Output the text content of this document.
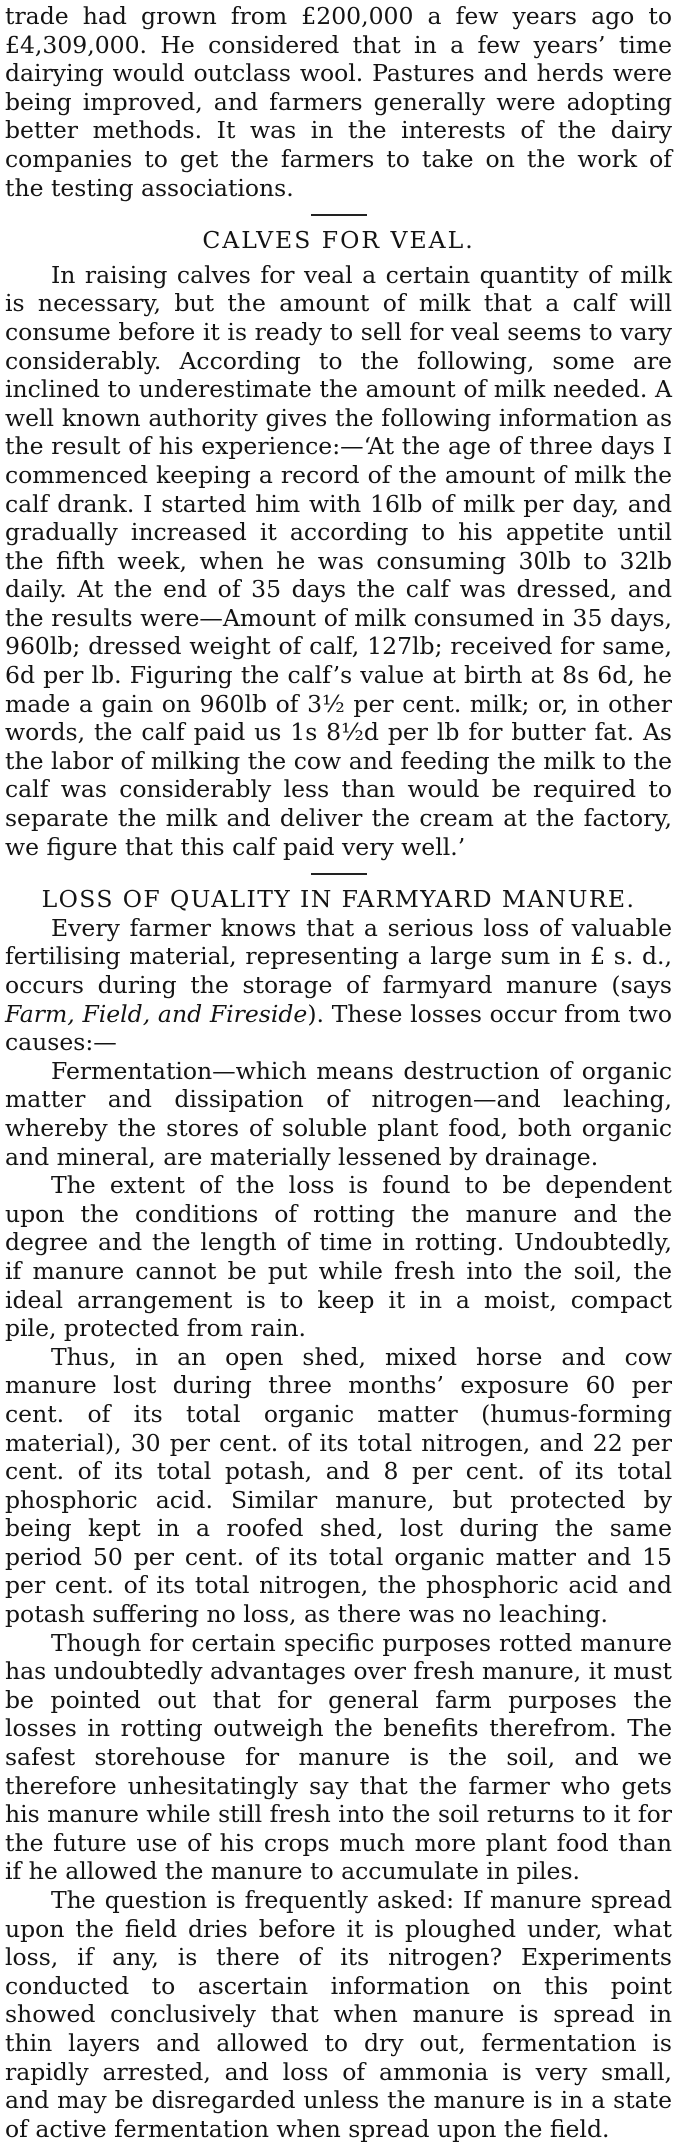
trade had grown from £200,000 a few years ago to £4,309,000. He considered that in a few years’ time dairying would outclass wool. Pastures and herds were being improved, and farmers generally were adopting better methods. It was in the interests of the dairy companies to get the farmers to take on the work of the testing associations.

CALVES FOR VEAL.

In raising calves for veal a certain quantity of milk is necessary, but the amount of milk that a calf will consume before it is ready to sell for veal seems to vary considerably. According to the following, some are inclined to underestimate the amount of milk needed. A well known authority gives the following information as the result of his experience:—‘At the age of three days I commenced keeping a record of the amount of milk the calf drank. I started him with 16lb of milk per day, and gradually increased it according to his appetite until the fifth week, when he was consuming 30lb to 32lb daily. At the end of 35 days the calf was dressed, and the results were—Amount of milk consumed in 35 days, 960lb; dressed weight of calf, 127lb; received for same, 6d per lb. Figuring the calf’s value at birth at 8s 6d, he made a gain on 960lb of 3½ per cent. milk; or, in other words, the calf paid us 1s 8½d per lb for butter fat. As the labor of milking the cow and feeding the milk to the calf was considerably less than would be required to separate the milk and deliver the cream at the factory, we figure that this calf paid very well.’

LOSS OF QUALITY IN FARMYARD MANURE.

Every farmer knows that a serious loss of valuable fertilising material, representing a large sum in £ s. d., occurs during the storage of farmyard manure (says Farm, Field, and Fireside). These losses occur from two causes:—

Fermentation—which means destruction of organic matter and dissipation of nitrogen—and leaching, whereby the stores of soluble plant food, both organic and mineral, are materially lessened by drainage.

The extent of the loss is found to be dependent upon the conditions of rotting the manure and the degree and the length of time in rotting. Undoubtedly, if manure cannot be put while fresh into the soil, the ideal arrangement is to keep it in a moist, compact pile, protected from rain.

Thus, in an open shed, mixed horse and cow manure lost during three months’ exposure 60 per cent. of its total organic matter (humus-forming material), 30 per cent. of its total nitrogen, and 22 per cent. of its total potash, and 8 per cent. of its total phosphoric acid. Similar manure, but protected by being kept in a roofed shed, lost during the same period 50 per cent. of its total organic matter and 15 per cent. of its total nitrogen, the phosphoric acid and potash suffering no loss, as there was no leaching.

Though for certain specific purposes rotted manure has undoubtedly advantages over fresh manure, it must be pointed out that for general farm purposes the losses in rotting outweigh the benefits therefrom. The safest storehouse for manure is the soil, and we therefore unhesitatingly say that the farmer who gets his manure while still fresh into the soil returns to it for the future use of his crops much more plant food than if he allowed the manure to accumulate in piles.

The question is frequently asked: If manure spread upon the field dries before it is ploughed under, what loss, if any, is there of its nitrogen? Experiments conducted to ascertain information on this point showed conclusively that when manure is spread in thin layers and allowed to dry out, fermentation is rapidly arrested, and loss of ammonia is very small, and may be disregarded unless the manure is in a state of active fermentation when spread upon the field.
